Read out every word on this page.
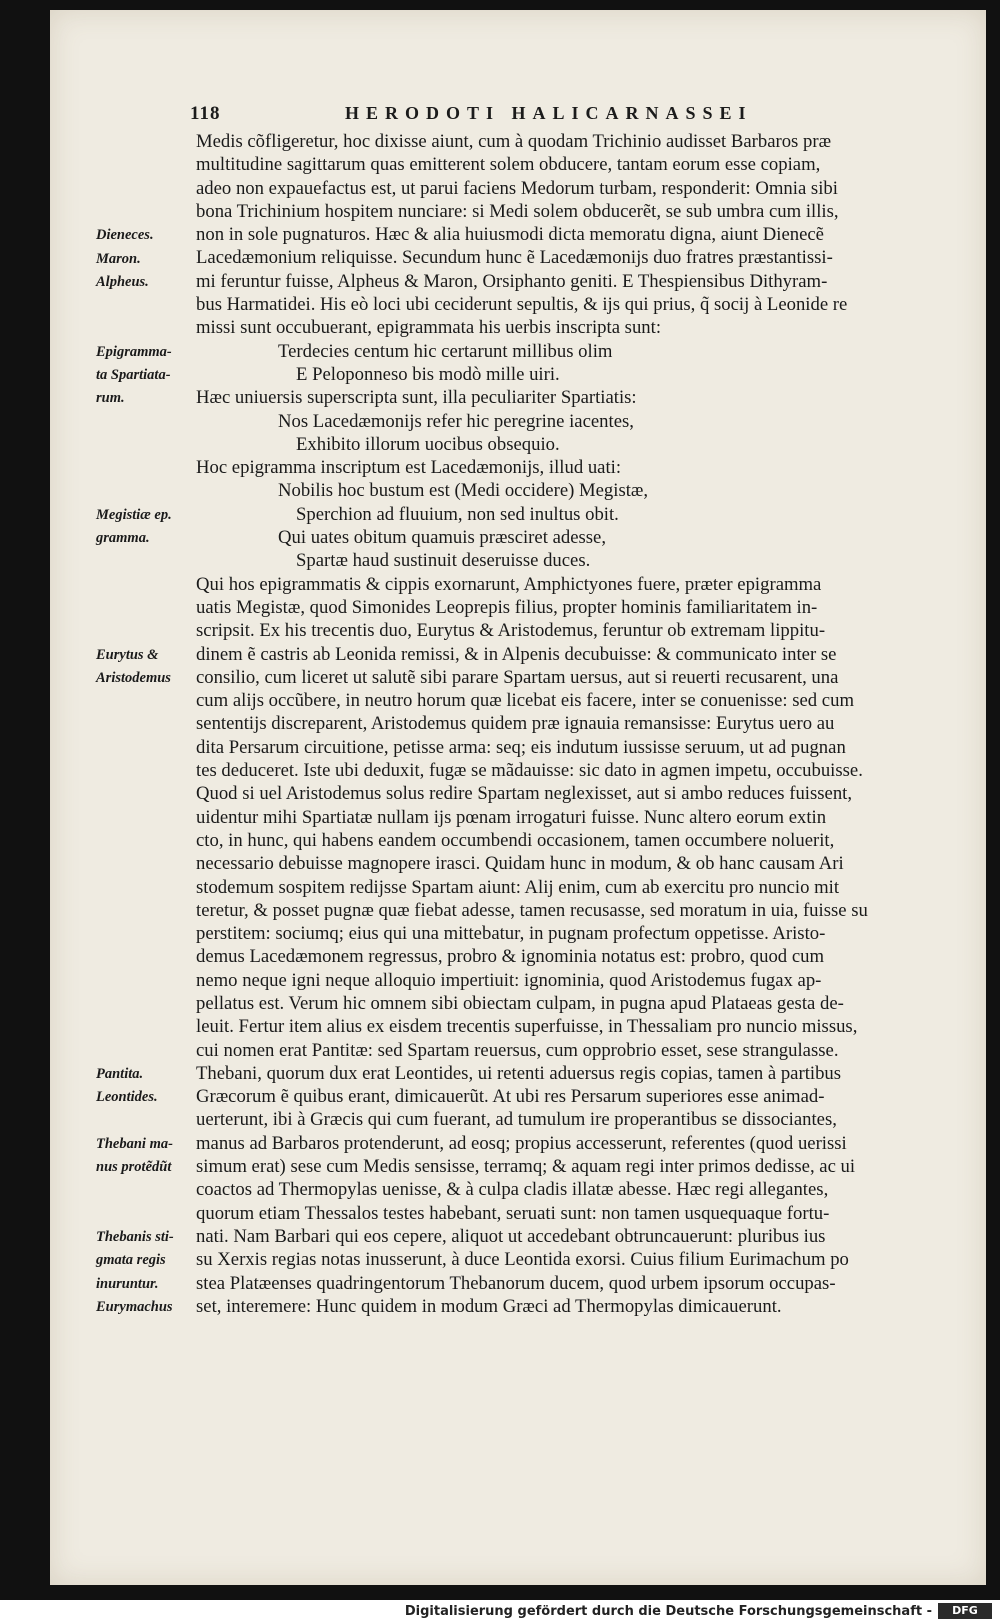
118	HERODOTI HALICARNASSEI
Medis cõfligeretur, hoc dixisse aiunt, cum à quodam Trichinio audisset Barbaros præ
multitudine sagittarum quas emitterent solem obducere, tantam eorum esse copiam,
adeo non expauefactus est, ut parui faciens Medorum turbam, responderit: Omnia sibi
bona Trichinium hospitem nunciare: si Medi solem obducerẽt, se sub umbra cum illis,
non in sole pugnaturos. Hæc & alia huiusmodi dicta memoratu digna, aiunt Dienecẽ
Lacedæmonium reliquisse. Secundum hunc ẽ Lacedæmonijs duo fratres præstantissi-
mi feruntur fuisse, Alpheus & Maron, Orsiphanto geniti. E Thespiensibus Dithyram-
bus Harmatidei. His eò loci ubi ceciderunt sepultis, & ijs qui prius, q̃ socij à Leonide re
missi sunt occubuerant, epigrammata his uerbis inscripta sunt:
Terdecies centum hic certarunt millibus olim
E Peloponneso bis modò mille uiri.
Hæc uniuersis superscripta sunt, illa peculiariter Spartiatis:
Nos Lacedæmonijs refer hic peregrine iacentes,
Exhibito illorum uocibus obsequio.
Hoc epigramma inscriptum est Lacedæmonijs, illud uati:
Nobilis hoc bustum est (Medi occidere) Megistæ,
Sperchion ad fluuium, non sed inultus obit.
Qui uates obitum quamuis præsciret adesse,
Spartæ haud sustinuit deseruisse duces.
Qui hos epigrammatis & cippis exornarunt, Amphictyones fuere, præter epigramma
uatis Megistæ, quod Simonides Leoprepis filius, propter hominis familiaritatem in-
scripsit. Ex his trecentis duo, Eurytus & Aristodemus, feruntur ob extremam lippitu-
dinem ẽ castris ab Leonida remissi, & in Alpenis decubuisse: & communicato inter se
consilio, cum liceret ut salutẽ sibi parare Spartam uersus, aut si reuerti recusarent, una
cum alijs occũbere, in neutro horum quæ licebat eis facere, inter se conuenisse: sed cum
sententijs discreparent, Aristodemus quidem præ ignauia remansisse: Eurytus uero au
dita Persarum circuitione, petisse arma: seq; eis indutum iussisse seruum, ut ad pugnan
tes deduceret. Iste ubi deduxit, fugæ se mãdauisse: sic dato in agmen impetu, occubuisse.
Quod si uel Aristodemus solus redire Spartam neglexisset, aut si ambo reduces fuissent,
uidentur mihi Spartiatæ nullam ijs pœnam irrogaturi fuisse. Nunc altero eorum extin
cto, in hunc, qui habens eandem occumbendi occasionem, tamen occumbere noluerit,
necessario debuisse magnopere irasci. Quidam hunc in modum, & ob hanc causam Ari
stodemum sospitem redijsse Spartam aiunt: Alij enim, cum ab exercitu pro nuncio mit
teretur, & posset pugnæ quæ fiebat adesse, tamen recusasse, sed moratum in uia, fuisse su
perstitem: sociumq; eius qui una mittebatur, in pugnam profectum oppetisse. Aristo-
demus Lacedæmonem regressus, probro & ignominia notatus est: probro, quod cum
nemo neque igni neque alloquio impertiuit: ignominia, quod Aristodemus fugax ap-
pellatus est. Verum hic omnem sibi obiectam culpam, in pugna apud Plataeas gesta de-
leuit. Fertur item alius ex eisdem trecentis superfuisse, in Thessaliam pro nuncio missus,
cui nomen erat Pantitæ: sed Spartam reuersus, cum opprobrio esset, sese strangulasse.
Thebani, quorum dux erat Leontides, ui retenti aduersus regis copias, tamen à partibus
Græcorum ẽ quibus erant, dimicauerũt. At ubi res Persarum superiores esse animad-
uerterunt, ibi à Græcis qui cum fuerant, ad tumulum ire properantibus se dissociantes,
manus ad Barbaros protenderunt, ad eosq; propius accesserunt, referentes (quod uerissi
simum erat) sese cum Medis sensisse, terramq; & aquam regi inter primos dedisse, ac ui
coactos ad Thermopylas uenisse, & à culpa cladis illatæ abesse. Hæc regi allegantes,
quorum etiam Thessalos testes habebant, seruati sunt: non tamen usquequaque fortu-
nati. Nam Barbari qui eos cepere, aliquot ut accedebant obtruncauerunt: pluribus ius
su Xerxis regias notas inusserunt, à duce Leontida exorsi. Cuius filium Eurimachum po
stea Platæenses quadringentorum Thebanorum ducem, quod urbem ipsorum occupas-
set, interemere: Hunc quidem in modum Græci ad Thermopylas dimicauerunt.
Digitalisierung gefördert durch die Deutsche Forschungsgemeinschaft -	DFG
Dieneces.
Maron.
Alpheus.
Epigramma-
ta Spartiata-
rum.
Megistiæ ep.
grammа.
Eurytus &
Aristodemus
Pantita.
Leontides.
Thebani ma-
nus protẽdũt
Thebanis sti-
gmata regis
inuruntur.
Eurymachus
